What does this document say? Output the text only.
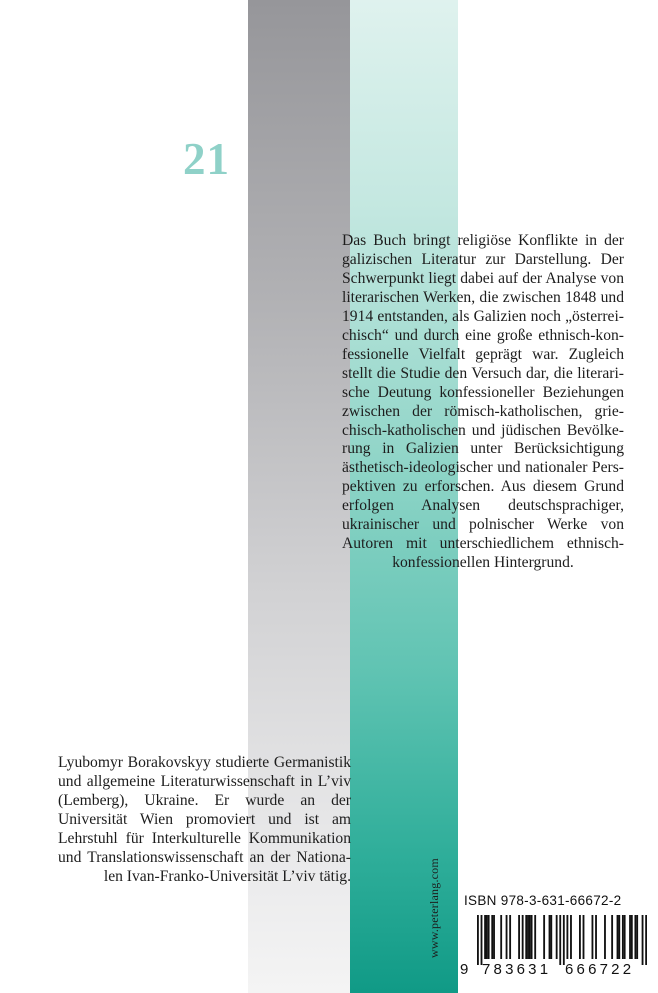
21
Das Buch bringt religiöse Konflikte in der galizischen Literatur zur Darstellung. Der Schwerpunkt liegt dabei auf der Analyse von literarischen Werken, die zwischen 1848 und 1914 entstanden, als Galizien noch „österreichisch“ und durch eine große ethnisch-konfessionelle Vielfalt geprägt war. Zugleich stellt die Studie den Versuch dar, die literarische Deutung konfessioneller Beziehungen zwischen der römisch-katholischen, griechisch-katholischen und jüdischen Bevölkerung in Galizien unter Berücksichtigung ästhetisch-ideologischer und nationaler Perspektiven zu erforschen. Aus diesem Grund erfolgen Analysen deutschsprachiger, ukrainischer und polnischer Werke von Autoren mit unterschiedlichem ethnisch-konfessionellen Hintergrund.
Lyubomyr Borakovskyy studierte Germanistik und allgemeine Literaturwissenschaft in L’viv (Lemberg), Ukraine. Er wurde an der Universität Wien promoviert und ist am Lehrstuhl für Interkulturelle Kommunikation und Translationswissenschaft an der Nationalen Ivan-Franko-Universität L’viv tätig.	www.peterlang.com ISBN 978-3-631-66672-2
9 783631 666722
